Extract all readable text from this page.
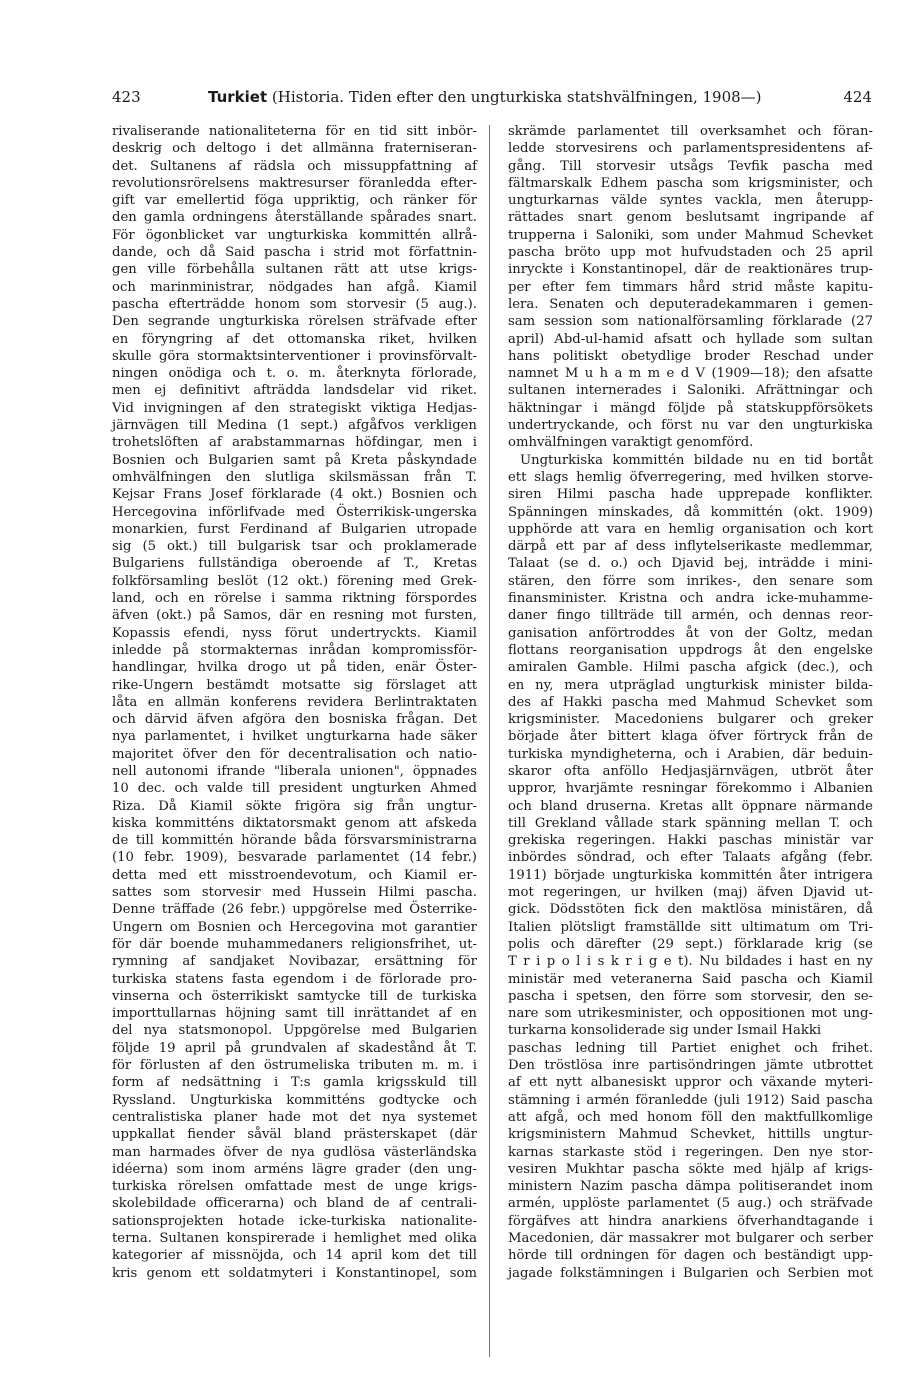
423	Turkiet (Historia. Tiden efter den ungturkiska statshvälfningen, 1908—)	424
rivaliserande nationaliteterna för en tid sitt inbör-
deskrig och deltogo i det allmänna fraterniseran-
det. Sultanens af rädsla och missuppfattning af
revolutionsrörelsens maktresurser föranledda efter-
gift var emellertid föga uppriktig, och ränker för
den gamla ordningens återställande spårades snart.
För ögonblicket var ungturkiska kommittén allrå-
dande, och då Said pascha i strid mot författnin-
gen ville förbehålla sultanen rätt att utse krigs-
och marinministrar, nödgades han afgå. Kiamil
pascha efterträdde honom som storvesir (5 aug.).
Den segrande ungturkiska rörelsen sträfvade efter
en föryngring af det ottomanska riket, hvilken
skulle göra stormaktsinterventioner i provinsförvalt-
ningen onödiga och t. o. m. återknyta förlorade,
men ej definitivt afträdda landsdelar vid riket.
Vid invigningen af den strategiskt viktiga Hedjas-
järnvägen till Medina (1 sept.) afgåfvos verkligen
trohetslöften af arabstammarnas höfdingar, men i
Bosnien och Bulgarien samt på Kreta påskyndade
omhvälfningen den slutliga skilsmässan från T.
Kejsar Frans Josef förklarade (4 okt.) Bosnien och
Hercegovina införlifvade med Österrikisk-ungerska
monarkien, furst Ferdinand af Bulgarien utropade
sig (5 okt.) till bulgarisk tsar och proklamerade
Bulgariens fullständiga oberoende af T., Kretas
folkförsamling beslöt (12 okt.) förening med Grek-
land, och en rörelse i samma riktning förspordes
äfven (okt.) på Samos, där en resning mot fursten,
Kopassis efendi, nyss förut undertryckts. Kiamil
inledde på stormakternas inrådan kompromissför-
handlingar, hvilka drogo ut på tiden, enär Öster-
rike-Ungern bestämdt motsatte sig förslaget att
låta en allmän konferens revidera Berlintraktaten
och därvid äfven afgöra den bosniska frågan. Det
nya parlamentet, i hvilket ungturkarna hade säker
majoritet öfver den för decentralisation och natio-
nell autonomi ifrande "liberala unionen", öppnades
10 dec. och valde till president ungturken Ahmed
Riza. Då Kiamil sökte frigöra sig från ungtur-
kiska kommitténs diktatorsmakt genom att afskeda
de till kommittén hörande båda försvarsministrarna
(10 febr. 1909), besvarade parlamentet (14 febr.)
detta med ett misstroendevotum, och Kiamil er-
sattes som storvesir med Hussein Hilmi pascha.
Denne träffade (26 febr.) uppgörelse med Österrike-
Ungern om Bosnien och Hercegovina mot garantier
för där boende muhammedaners religionsfrihet, ut-
rymning af sandjaket Novibazar, ersättning för
turkiska statens fasta egendom i de förlorade pro-
vinserna och österrikiskt samtycke till de turkiska
importtullarnas höjning samt till inrättandet af en
del nya statsmonopol. Uppgörelse med Bulgarien
följde 19 april på grundvalen af skadestånd åt T.
för förlusten af den östrumeliska tributen m. m. i
form af nedsättning i T:s gamla krigsskuld till
Ryssland. Ungturkiska kommitténs godtycke och
centralistiska planer hade mot det nya systemet
uppkallat fiender såväl bland prästerskapet (där
man harmades öfver de nya gudlösa västerländska
idéerna) som inom arméns lägre grader (den ung-
turkiska rörelsen omfattade mest de unge krigs-
skolebildade officerarna) och bland de af centrali-
sationsprojekten hotade icke-turkiska nationalite-
terna. Sultanen konspirerade i hemlighet med olika
kategorier af missnöjda, och 14 april kom det till
kris genom ett soldatmyteri i Konstantinopel, som
skrämde parlamentet till overksamhet och föran-
ledde storvesirens och parlamentspresidentens af-
gång. Till storvesir utsågs Tevfik pascha med
fältmarskalk Edhem pascha som krigsminister, och
ungturkarnas välde syntes vackla, men återupp-
rättades snart genom beslutsamt ingripande af
trupperna i Saloniki, som under Mahmud Schevket
pascha bröto upp mot hufvudstaden och 25 april
inryckte i Konstantinopel, där de reaktionäres trup-
per efter fem timmars hård strid måste kapitu-
lera. Senaten och deputeradekammaren i gemen-
sam session som nationalförsamling förklarade (27
april) Abd-ul-hamid afsatt och hyllade som sultan
hans politiskt obetydlige broder Reschad under
namnet M u h a m m e d V (1909—18); den afsatte
sultanen internerades i Saloniki. Afrättningar och
häktningar i mängd följde på statskuppförsökets
undertryckande, och först nu var den ungturkiska
omhvälfningen varaktigt genomförd.
Ungturkiska kommittén bildade nu en tid bortåt
ett slags hemlig öfverregering, med hvilken storve-
siren Hilmi pascha hade upprepade konflikter.
Spänningen minskades, då kommittén (okt. 1909)
upphörde att vara en hemlig organisation och kort
därpå ett par af dess inflytelserikaste medlemmar,
Talaat (se d. o.) och Djavid bej, inträdde i mini-
stären, den förre som inrikes-, den senare som
finansminister. Kristna och andra icke-muhamme-
daner fingo tillträde till armén, och dennas reor-
ganisation anförtroddes åt von der Goltz, medan
flottans reorganisation uppdrogs åt den engelske
amiralen Gamble. Hilmi pascha afgick (dec.), och
en ny, mera utpräglad ungturkisk minister bilda-
des af Hakki pascha med Mahmud Schevket som
krigsminister. Macedoniens bulgarer och greker
började åter bittert klaga öfver förtryck från de
turkiska myndigheterna, och i Arabien, där beduin-
skaror ofta anföllo Hedjasjärnvägen, utbröt åter
uppror, hvarjämte resningar förekommo i Albanien
och bland druserna. Kretas allt öppnare närmande
till Grekland vållade stark spänning mellan T. och
grekiska regeringen. Hakki paschas ministär var
inbördes söndrad, och efter Talaats afgång (febr.
1911) började ungturkiska kommittén åter intrigera
mot regeringen, ur hvilken (maj) äfven Djavid ut-
gick. Dödsstöten fick den maktlösa ministären, då
Italien plötsligt framställde sitt ultimatum om Tri-
polis och därefter (29 sept.) förklarade krig (se
T r i p o l i s k r i g e t). Nu bildades i hast en ny
ministär med veteranerna Said pascha och Kiamil
pascha i spetsen, den förre som storvesir, den se-
nare som utrikesminister, och oppositionen mot ung-
turkarna konsoliderade sig under Ismail Hakki
paschas ledning till Partiet enighet och frihet.
Den tröstlösa inre partisöndringen jämte utbrottet
af ett nytt albanesiskt uppror och växande myteri-
stämning i armén föranledde (juli 1912) Said pascha
att afgå, och med honom föll den maktfullkomlige
krigsministern Mahmud Schevket, hittills ungtur-
karnas starkaste stöd i regeringen. Den nye stor-
vesiren Mukhtar pascha sökte med hjälp af krigs-
ministern Nazim pascha dämpa politiserandet inom
armén, upplöste parlamentet (5 aug.) och sträfvade
förgäfves att hindra anarkiens öfverhandtagande i
Macedonien, där massakrer mot bulgarer och serber
hörde till ordningen för dagen och beständigt upp-
jagade folkstämningen i Bulgarien och Serbien mot
